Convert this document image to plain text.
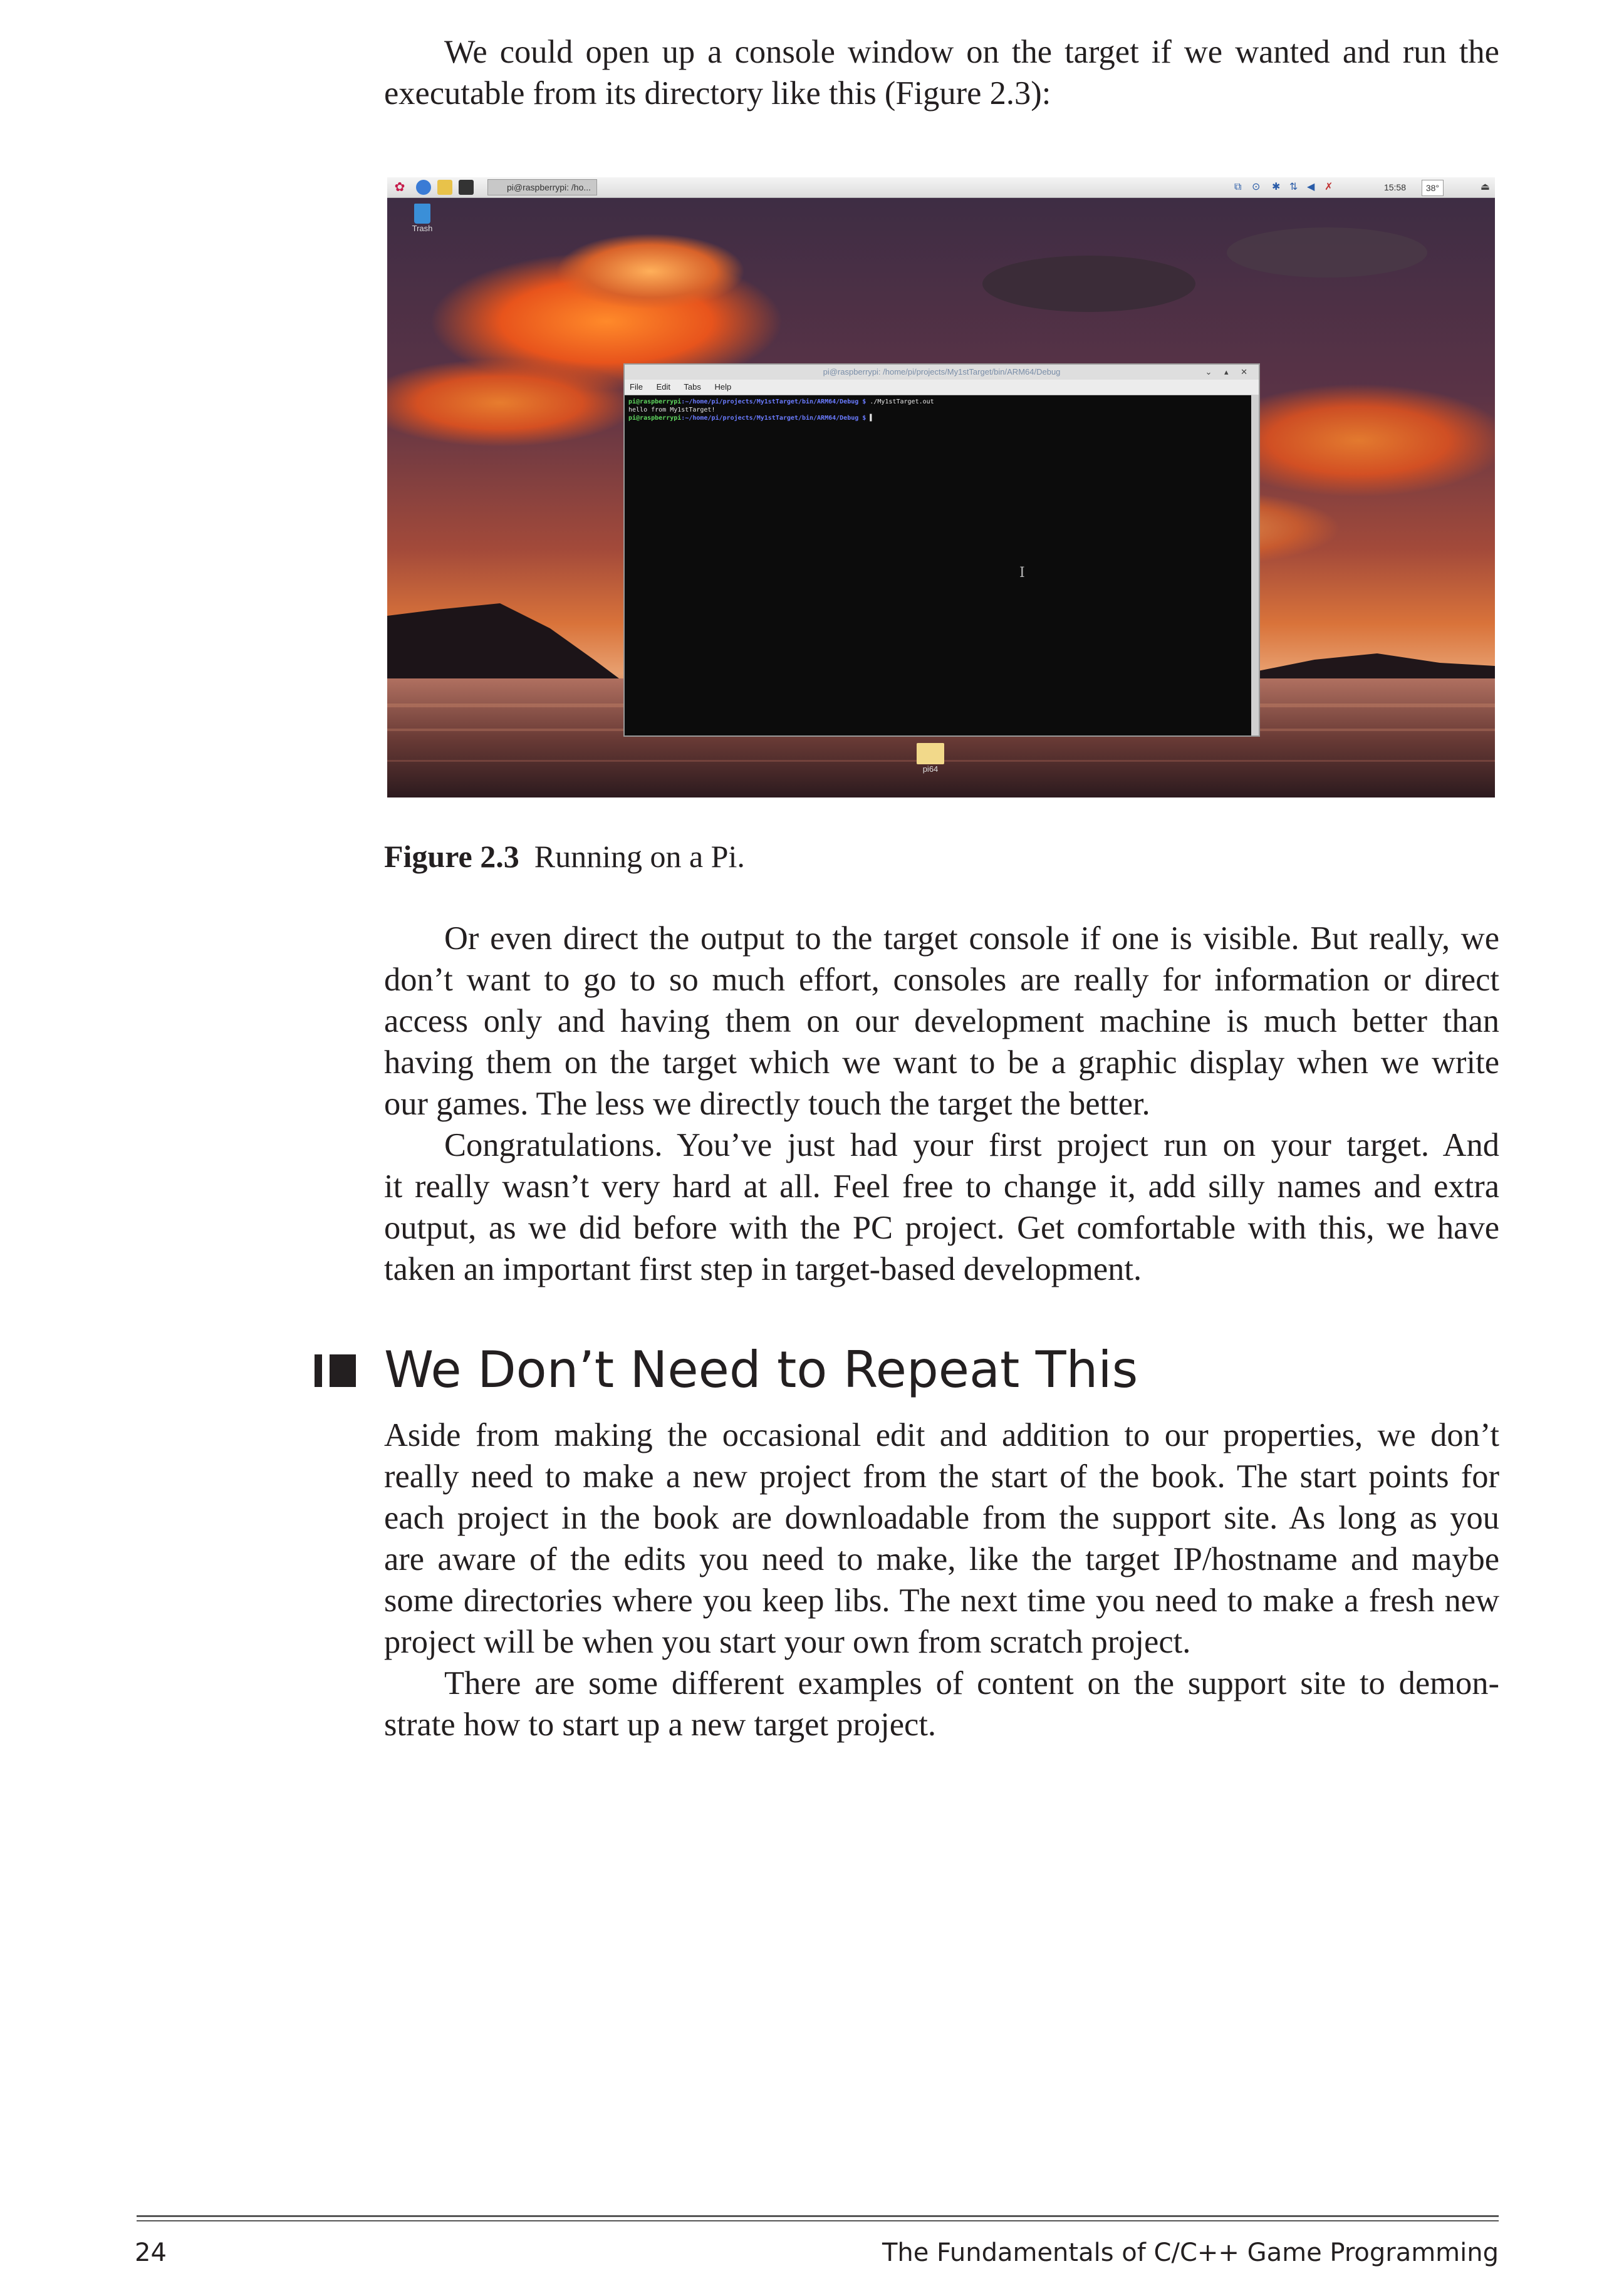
We could open up a console window on the target if we wanted and run the
executable from its directory like this (Figure 2.3):

✿	pi@raspberrypi: /ho...	⧉ ⊙ ✱ ⇅ ◀ ✗	15:58	38°	⏏
Trash
pi@raspberrypi: /home/pi/projects/My1stTarget/bin/ARM64/Debug	⌄ ▴ ✕
File Edit Tabs Help
pi@raspberrypi:~/home/pi/projects/My1stTarget/bin/ARM64/Debug $ ./My1stTarget.out
hello from My1stTarget!
pi@raspberrypi:~/home/pi/projects/My1stTarget/bin/ARM64/Debug $ ▌
I
pi64
Figure 2.3 Running on a Pi.

Or even direct the output to the target console if one is visible. But really, we
don’t want to go to so much effort, consoles are really for information or direct
access only and having them on our development machine is much better than
having them on the target which we want to be a graphic display when we write
our games. The less we directly touch the target the better.
Congratulations. You’ve just had your first project run on your target. And
it really wasn’t very hard at all. Feel free to change it, add silly names and extra
output, as we did before with the PC project. Get comfortable with this, we have
taken an important first step in target-based development.

We Don’t Need to Repeat This

Aside from making the occasional edit and addition to our properties, we don’t
really need to make a new project from the start of the book. The start points for
each project in the book are downloadable from the support site. As long as you
are aware of the edits you need to make, like the target IP/hostname and maybe
some directories where you keep libs. The next time you need to make a fresh new
project will be when you start your own from scratch project.
There are some different examples of content on the support site to demon-
strate how to start up a new target project.

24	The Fundamentals of C/C++ Game Programming
